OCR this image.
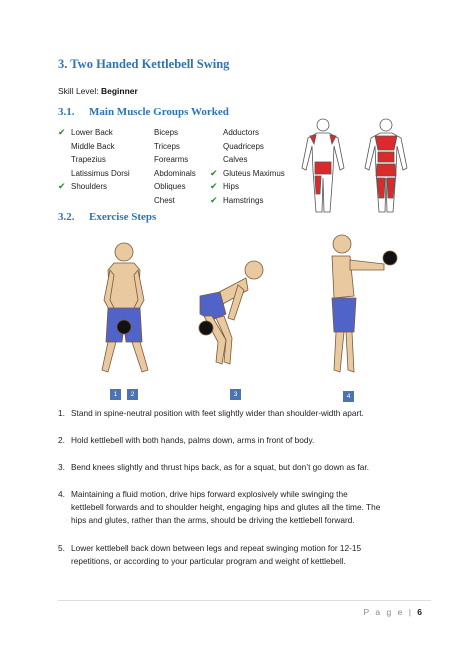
3. Two Handed Kettlebell Swing
Skill Level: Beginner
3.1. Main Muscle Groups Worked
✔ Lower Back
Middle Back
Trapezius
Latissimus Dorsi
✔ Shoulders
Biceps
Triceps
Forearms
Abdominals
Obliques
Chest
Adductors
Quadriceps
Calves
✔ Gluteus Maximus
✔ Hips
✔ Hamstrings
3.2. Exercise Steps
1	2	3	4
1. Stand in spine-neutral position with feet slightly wider than shoulder-width apart.
2. Hold kettlebell with both hands, palms down, arms in front of body.
3. Bend knees slightly and thrust hips back, as for a squat, but don’t go down as far.
4. Maintaining a fluid motion, drive hips forward explosively while swinging the kettlebell forwards and to shoulder height, engaging hips and glutes all the time. The hips and glutes, rather than the arms, should be driving the kettlebell forward.
5. Lower kettlebell back down between legs and repeat swinging motion for 12-15 repetitions, or according to your particular program and weight of kettlebell.
P a g e | 6
